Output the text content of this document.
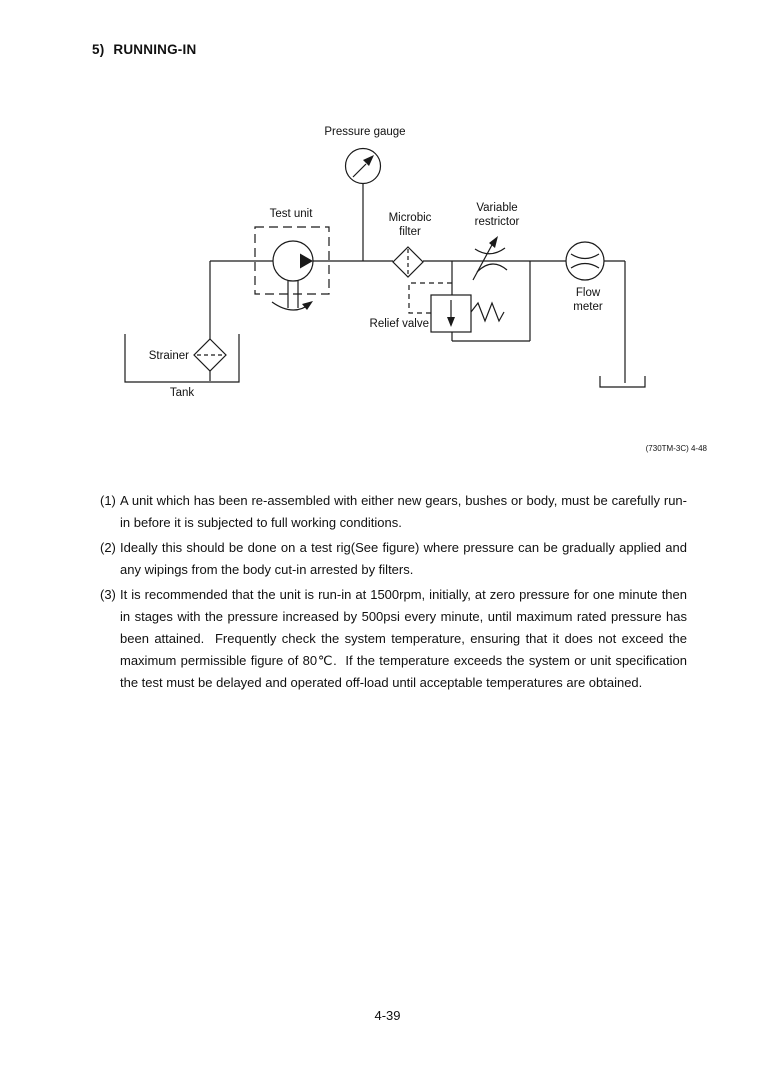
5) RUNNING-IN
Pressure gauge
Test unit	Microbic
filter
Variable
restrictor
Flow
meter
Relief valve
Strainer
Tank
(730TM-3C) 4-48
(1) A unit which has been re-assembled with either new gears, bushes or body, must be carefully run-in before it is subjected to full working conditions.
(2) Ideally this should be done on a test rig(See figure) where pressure can be gradually applied and any wipings from the body cut-in arrested by filters.
(3) It is recommended that the unit is run-in at 1500rpm, initially, at zero pressure for one minute then in stages with the pressure increased by 500psi every minute, until maximum rated pressure has been attained.  Frequently check the system temperature, ensuring that it does not exceed the maximum permissible figure of 80℃.  If the temperature exceeds the system or unit specification the test must be delayed and operated off-load until acceptable temperatures are obtained.
4-39
